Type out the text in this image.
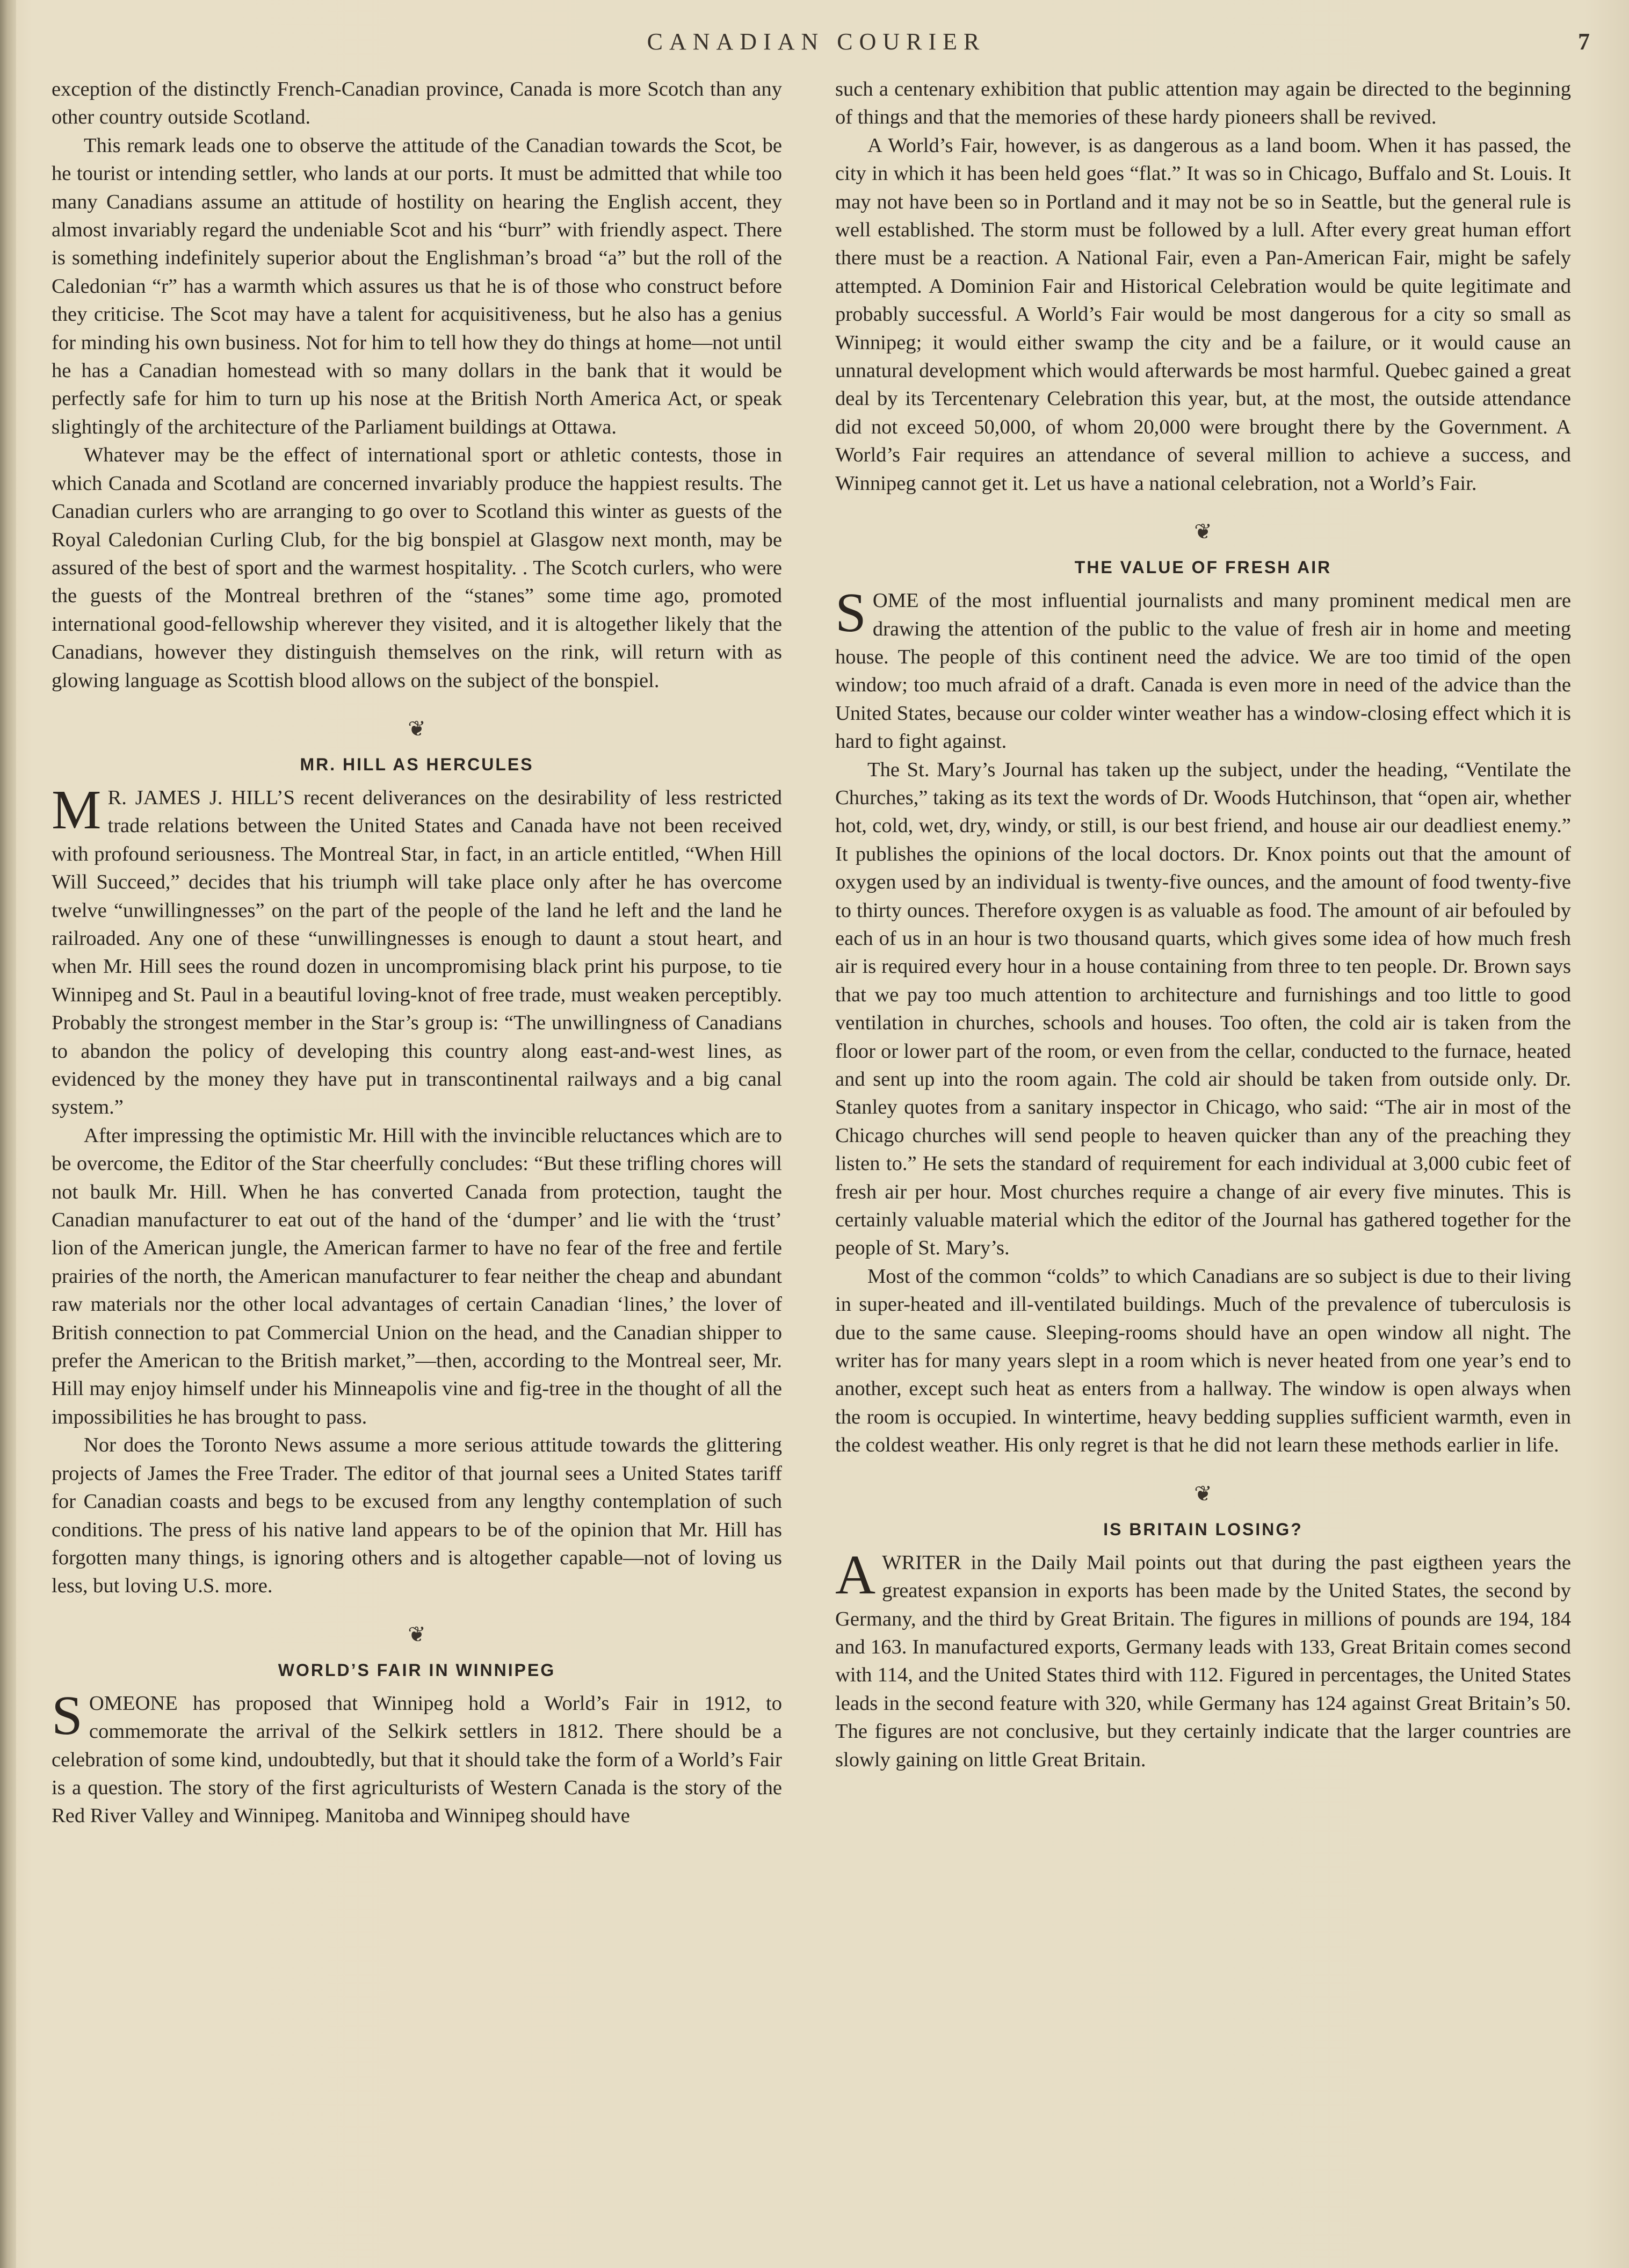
CANADIAN COURIER	7

exception of the distinctly French-Canadian province, Canada is more Scotch than any other country outside Scotland.

This remark leads one to observe the attitude of the Canadian towards the Scot, be he tourist or intending settler, who lands at our ports. It must be admitted that while too many Canadians assume an attitude of hostility on hearing the English accent, they almost invariably regard the undeniable Scot and his “burr” with friendly aspect. There is something indefinitely superior about the Englishman’s broad “a” but the roll of the Caledonian “r” has a warmth which assures us that he is of those who construct before they criticise. The Scot may have a talent for acquisitiveness, but he also has a genius for minding his own business. Not for him to tell how they do things at home—not until he has a Canadian homestead with so many dollars in the bank that it would be perfectly safe for him to turn up his nose at the British North America Act, or speak slightingly of the architecture of the Parliament buildings at Ottawa.

Whatever may be the effect of international sport or athletic contests, those in which Canada and Scotland are concerned invariably produce the happiest results. The Canadian curlers who are arranging to go over to Scotland this winter as guests of the Royal Caledonian Curling Club, for the big bonspiel at Glasgow next month, may be assured of the best of sport and the warmest hospitality. . The Scotch curlers, who were the guests of the Montreal brethren of the “stanes” some time ago, promoted international good-fellowship wherever they visited, and it is altogether likely that the Canadians, however they distinguish themselves on the rink, will return with as glowing language as Scottish blood allows on the subject of the bonspiel.

❦
MR. HILL AS HERCULES

M R. JAMES J. HILL’S recent deliverances on the desirability of less restricted trade relations between the United States and Canada have not been received with profound seriousness. The Montreal Star, in fact, in an article entitled, “When Hill Will Succeed,” decides that his triumph will take place only after he has overcome twelve “unwillingnesses” on the part of the people of the land he left and the land he railroaded. Any one of these “unwillingnesses is enough to daunt a stout heart, and when Mr. Hill sees the round dozen in uncompromising black print his purpose, to tie Winnipeg and St. Paul in a beautiful loving-knot of free trade, must weaken perceptibly. Probably the strongest member in the Star’s group is: “The unwillingness of Canadians to abandon the policy of developing this country along east-and-west lines, as evidenced by the money they have put in transcontinental railways and a big canal system.”

After impressing the optimistic Mr. Hill with the invincible reluctances which are to be overcome, the Editor of the Star cheerfully concludes: “But these trifling chores will not baulk Mr. Hill. When he has converted Canada from protection, taught the Canadian manufacturer to eat out of the hand of the ‘dumper’ and lie with the ‘trust’ lion of the American jungle, the American farmer to have no fear of the free and fertile prairies of the north, the American manufacturer to fear neither the cheap and abundant raw materials nor the other local advantages of certain Canadian ‘lines,’ the lover of British connection to pat Commercial Union on the head, and the Canadian shipper to prefer the American to the British market,”—then, according to the Montreal seer, Mr. Hill may enjoy himself under his Minneapolis vine and fig-tree in the thought of all the impossibilities he has brought to pass.

Nor does the Toronto News assume a more serious attitude towards the glittering projects of James the Free Trader. The editor of that journal sees a United States tariff for Canadian coasts and begs to be excused from any lengthy contemplation of such conditions. The press of his native land appears to be of the opinion that Mr. Hill has forgotten many things, is ignoring others and is altogether capable—not of loving us less, but loving U.S. more.

❦
WORLD’S FAIR IN WINNIPEG

SOMEONE has proposed that Winnipeg hold a World’s Fair in 1912, to commemorate the arrival of the Selkirk settlers in 1812. There should be a celebration of some kind, undoubtedly, but that it should take the form of a World’s Fair is a question. The story of the first agriculturists of Western Canada is the story of the Red River Valley and Winnipeg. Manitoba and Winnipeg should have

such a centenary exhibition that public attention may again be directed to the beginning of things and that the memories of these hardy pioneers shall be revived.

A World’s Fair, however, is as dangerous as a land boom. When it has passed, the city in which it has been held goes “flat.” It was so in Chicago, Buffalo and St. Louis. It may not have been so in Portland and it may not be so in Seattle, but the general rule is well established. The storm must be followed by a lull. After every great human effort there must be a reaction. A National Fair, even a Pan-American Fair, might be safely attempted. A Dominion Fair and Historical Celebration would be quite legitimate and probably successful. A World’s Fair would be most dangerous for a city so small as Winnipeg; it would either swamp the city and be a failure, or it would cause an unnatural development which would afterwards be most harmful. Quebec gained a great deal by its Tercentenary Celebration this year, but, at the most, the outside attendance did not exceed 50,000, of whom 20,000 were brought there by the Government. A World’s Fair requires an attendance of several million to achieve a success, and Winnipeg cannot get it. Let us have a national celebration, not a World’s Fair.

❦
THE VALUE OF FRESH AIR

SOME of the most influential journalists and many prominent medical men are drawing the attention of the public to the value of fresh air in home and meeting house. The people of this continent need the advice. We are too timid of the open window; too much afraid of a draft. Canada is even more in need of the advice than the United States, because our colder winter weather has a window-closing effect which it is hard to fight against.

The St. Mary’s Journal has taken up the subject, under the heading, “Ventilate the Churches,” taking as its text the words of Dr. Woods Hutchinson, that “open air, whether hot, cold, wet, dry, windy, or still, is our best friend, and house air our deadliest enemy.” It publishes the opinions of the local doctors. Dr. Knox points out that the amount of oxygen used by an individual is twenty-five ounces, and the amount of food twenty-five to thirty ounces. Therefore oxygen is as valuable as food. The amount of air befouled by each of us in an hour is two thousand quarts, which gives some idea of how much fresh air is required every hour in a house containing from three to ten people. Dr. Brown says that we pay too much attention to architecture and furnishings and too little to good ventilation in churches, schools and houses. Too often, the cold air is taken from the floor or lower part of the room, or even from the cellar, conducted to the furnace, heated and sent up into the room again. The cold air should be taken from outside only. Dr. Stanley quotes from a sanitary inspector in Chicago, who said: “The air in most of the Chicago churches will send people to heaven quicker than any of the preaching they listen to.” He sets the standard of requirement for each individual at 3,000 cubic feet of fresh air per hour. Most churches require a change of air every five minutes. This is certainly valuable material which the editor of the Journal has gathered together for the people of St. Mary’s.

Most of the common “colds” to which Canadians are so subject is due to their living in super-heated and ill-ventilated buildings. Much of the prevalence of tuberculosis is due to the same cause. Sleeping-rooms should have an open window all night. The writer has for many years slept in a room which is never heated from one year’s end to another, except such heat as enters from a hallway. The window is open always when the room is occupied. In wintertime, heavy bedding supplies sufficient warmth, even in the coldest weather. His only regret is that he did not learn these methods earlier in life.

❦
IS BRITAIN LOSING?

AWRITER in the Daily Mail points out that during the past eigtheen years the greatest expansion in exports has been made by the United States, the second by Germany, and the third by Great Britain. The figures in millions of pounds are 194, 184 and 163. In manufactured exports, Germany leads with 133, Great Britain comes second with 114, and the United States third with 112. Figured in percentages, the United States leads in the second feature with 320, while Germany has 124 against Great Britain’s 50. The figures are not conclusive, but they certainly indicate that the larger countries are slowly gaining on little Great Britain.
